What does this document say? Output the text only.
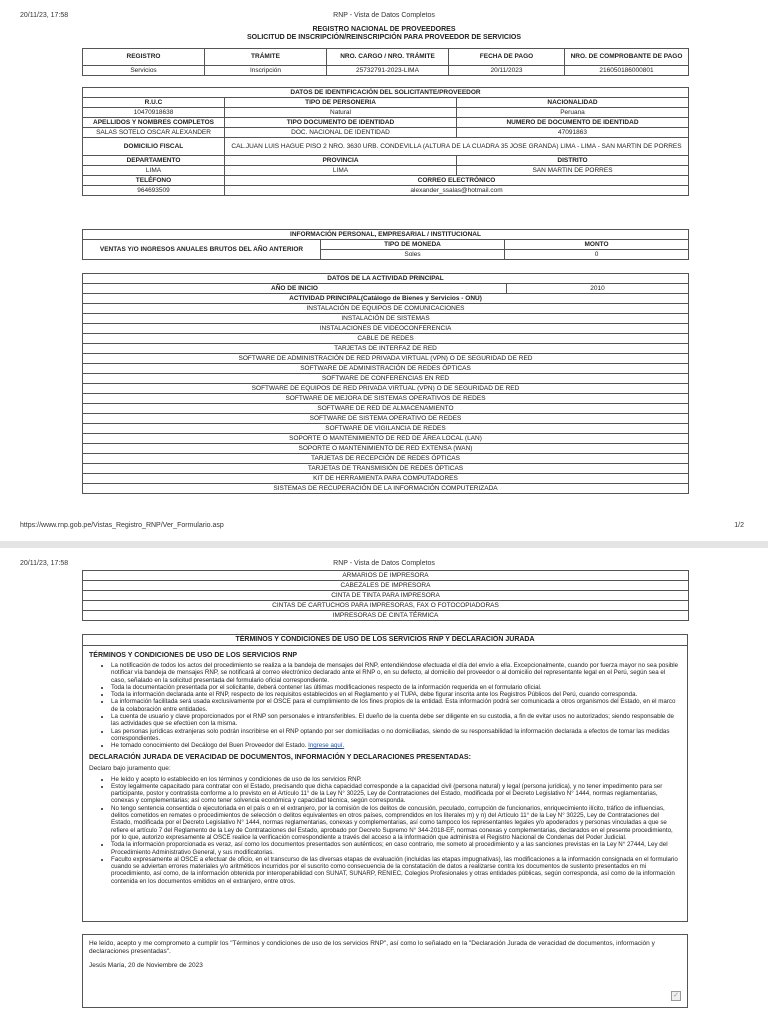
20/11/23, 17:58	RNP - Vista de Datos Completos
REGISTRO NACIONAL DE PROVEEDORES
SOLICITUD DE INSCRIPCIÓN/REINSCRIPCIÓN PARA PROVEEDOR DE SERVICIOS
REGISTRO	TRÁMITE	NRO. CARGO / NRO. TRÁMITE	FECHA DE PAGO	NRO. DE COMPROBANTE DE PAGO
Servicios	Inscripción	25732791-2023-LIMA	20/11/2023	216050186000801
DATOS DE IDENTIFICACIÓN DEL SOLICITANTE/PROVEEDOR		
R.U.C	TIPO DE PERSONERIA	NACIONALIDAD
10470918638	Natural	Peruana
APELLIDOS Y NOMBRES COMPLETOS	TIPO DOCUMENTO DE IDENTIDAD	NUMERO DE DOCUMENTO DE IDENTIDAD
SALAS SOTELO OSCAR ALEXANDER	DOC. NACIONAL DE IDENTIDAD	47091863
DOMICILIO FISCAL	CAL.JUAN LUIS HAGUE PISO 2 NRO. 3630 URB. CONDEVILLA (ALTURA DE LA CUADRA 35 JOSE GRANDA) LIMA - LIMA - SAN MARTIN DE PORRES	
DEPARTAMENTO	PROVINCIA	DISTRITO
LIMA	LIMA	SAN MARTIN DE PORRES
TELÉFONO	CORREO ELECTRÓNICO	
964693509	alexander_ssalas@hotmail.com	
INFORMACIÓN PERSONAL, EMPRESARIAL / INSTITUCIONAL		
VENTAS Y/O INGRESOS ANUALES BRUTOS DEL AÑO ANTERIOR	TIPO DE MONEDA	MONTO
	Soles	0
DATOS DE LA ACTIVIDAD PRINCIPAL
AÑO DE INICIO	2010
ACTIVIDAD PRINCIPAL(Catálogo de Bienes y Servicios - ONU)
INSTALACIÓN DE EQUIPOS DE COMUNICACIONES
INSTALACIÓN DE SISTEMAS
INSTALACIONES DE VIDEOCONFERENCIA
CABLE DE REDES
TARJETAS DE INTERFAZ DE RED
SOFTWARE DE ADMINISTRACIÓN DE RED PRIVADA VIRTUAL (VPN) O DE SEGURIDAD DE RED
SOFTWARE DE ADMINISTRACIÓN DE REDES ÓPTICAS
SOFTWARE DE CONFERENCIAS EN RED
SOFTWARE DE EQUIPOS DE RED PRIVADA VIRTUAL (VPN) O DE SEGURIDAD DE RED
SOFTWARE DE MEJORA DE SISTEMAS OPERATIVOS DE REDES
SOFTWARE DE RED DE ALMACENAMIENTO
SOFTWARE DE SISTEMA OPERATIVO DE REDES
SOFTWARE DE VIGILANCIA DE REDES
SOPORTE O MANTENIMIENTO DE RED DE ÁREA LOCAL (LAN)
SOPORTE O MANTENIMIENTO DE RED EXTENSA (WAN)
TARJETAS DE RECEPCIÓN DE REDES ÓPTICAS
TARJETAS DE TRANSMISIÓN DE REDES ÓPTICAS
KIT DE HERRAMIENTA PARA COMPUTADORES
SISTEMAS DE RECUPERACIÓN DE LA INFORMACIÓN COMPUTERIZADA
https://www.rnp.gob.pe/Vistas_Registro_RNP/Ver_Formulario.asp	1/2
20/11/23, 17:58	RNP - Vista de Datos Completos
ARMARIOS DE IMPRESORA
CABEZALES DE IMPRESORA
CINTA DE TINTA PARA IMPRESORA
CINTAS DE CARTUCHOS PARA IMPRESORAS, FAX O FOTOCOPIADORAS
IMPRESORAS DE CINTA TÉRMICA
TÉRMINOS Y CONDICIONES DE USO DE LOS SERVICIOS RNP Y DECLARACIÓN JURADA
TÉRMINOS Y CONDICIONES DE USO DE LOS SERVICIOS RNP
• La notificación de todos los actos del procedimiento se realiza a la bandeja de mensajes del RNP, entendiéndose efectuada el día del envío a ella. Excepcionalmente, cuando por fuerza mayor no sea posible notificar vía bandeja de mensajes RNP, se notificará al correo electrónico declarado ante el RNP o, en su defecto, al domicilio del proveedor o al domicilio del representante legal en el Perú, según sea el caso, señalado en la solicitud presentada del formulario oficial correspondiente.
• Toda la documentación presentada por el solicitante, deberá contener las últimas modificaciones respecto de la información requerida en el formulario oficial.
• Toda la información declarada ante el RNP, respecto de los requisitos establecidos en el Reglamento y el TUPA, debe figurar inscrita ante los Registros Públicos del Perú, cuando corresponda.
• La información facilitada será usada exclusivamente por el OSCE para el cumplimiento de los fines propios de la entidad. Esta información podrá ser comunicada a otros organismos del Estado, en el marco de la colaboración entre entidades.
• La cuenta de usuario y clave proporcionados por el RNP son personales e intransferibles. El dueño de la cuenta debe ser diligente en su custodia, a fin de evitar usos no autorizados; siendo responsable de las actividades que se efectúen con la misma.
• Las personas jurídicas extranjeras solo podrán inscribirse en el RNP optando por ser domiciliadas o no domiciliadas, siendo de su responsabilidad la información declarada a efectos de tomar las medidas correspondientes.
• He tomado conocimiento del Decálogo del Buen Proveedor del Estado. Ingrese aquí.
DECLARACIÓN JURADA DE VERACIDAD DE DOCUMENTOS, INFORMACIÓN Y DECLARACIONES PRESENTADAS:
Declaro bajo juramento que:
• He leído y acepto lo establecido en los términos y condiciones de uso de los servicios RNP.
• Estoy legalmente capacitado para contratar con el Estado, precisando que dicha capacidad corresponde a la capacidad civil (persona natural) y legal (persona jurídica), y no tener impedimento para ser participante, postor y contratista conforme a lo previsto en el Artículo 11° de la Ley N° 30225, Ley de Contrataciones del Estado, modificada por el Decreto Legislativo N° 1444, normas reglamentarias, conexas y complementarias; así como tener solvencia económica y capacidad técnica, según corresponda.
• No tengo sentencia consentida o ejecutoriada en el país o en el extranjero, por la comisión de los delitos de concusión, peculado, corrupción de funcionarios, enriquecimiento ilícito, tráfico de influencias, delitos cometidos en remates o procedimientos de selección o delitos equivalentes en otros países, comprendidos en los literales m) y n) del Artículo 11° de la Ley N° 30225, Ley de Contrataciones del Estado, modificada por el Decreto Legislativo N° 1444, normas reglamentarias, conexas y complementarias, así como tampoco los representantes legales y/o apoderados y personas vinculadas a que se refiere el artículo 7 del Reglamento de la Ley de Contrataciones del Estado, aprobado por Decreto Supremo N° 344-2018-EF, normas conexas y complementarias, declarados en el presente procedimiento, por lo que, autorizo expresamente al OSCE realice la verificación correspondiente a través del acceso a la información que administra el Registro Nacional de Condenas del Poder Judicial.
• Toda la información proporcionada es veraz, así como los documentos presentados son auténticos; en caso contrario, me someto al procedimiento y a las sanciones previstas en la Ley N° 27444, Ley del Procedimiento Administrativo General, y sus modificatorias.
• Faculto expresamente al OSCE a efectuar de oficio, en el transcurso de las diversas etapas de evaluación (incluidas las etapas impugnativas), las modificaciones a la información consignada en el formulario cuando se adviertan errores materiales y/o aritméticos incurridos por el suscrito como consecuencia de la constatación de datos a realizarse contra los documentos de sustento presentados en mi procedimiento, así como, de la información obtenida por interoperabilidad con SUNAT, SUNARP, RENIEC, Colegios Profesionales y otras entidades públicas, según corresponda, así como de la información contenida en los documentos emitidos en el extranjero, entre otros.
He leído, acepto y me comprometo a cumplir los "Términos y condiciones de uso de los servicios RNP", así como lo señalado en la "Declaración Jurada de veracidad de documentos, información y declaraciones presentadas".
Jesús María, 20 de Noviembre de 2023
✓
